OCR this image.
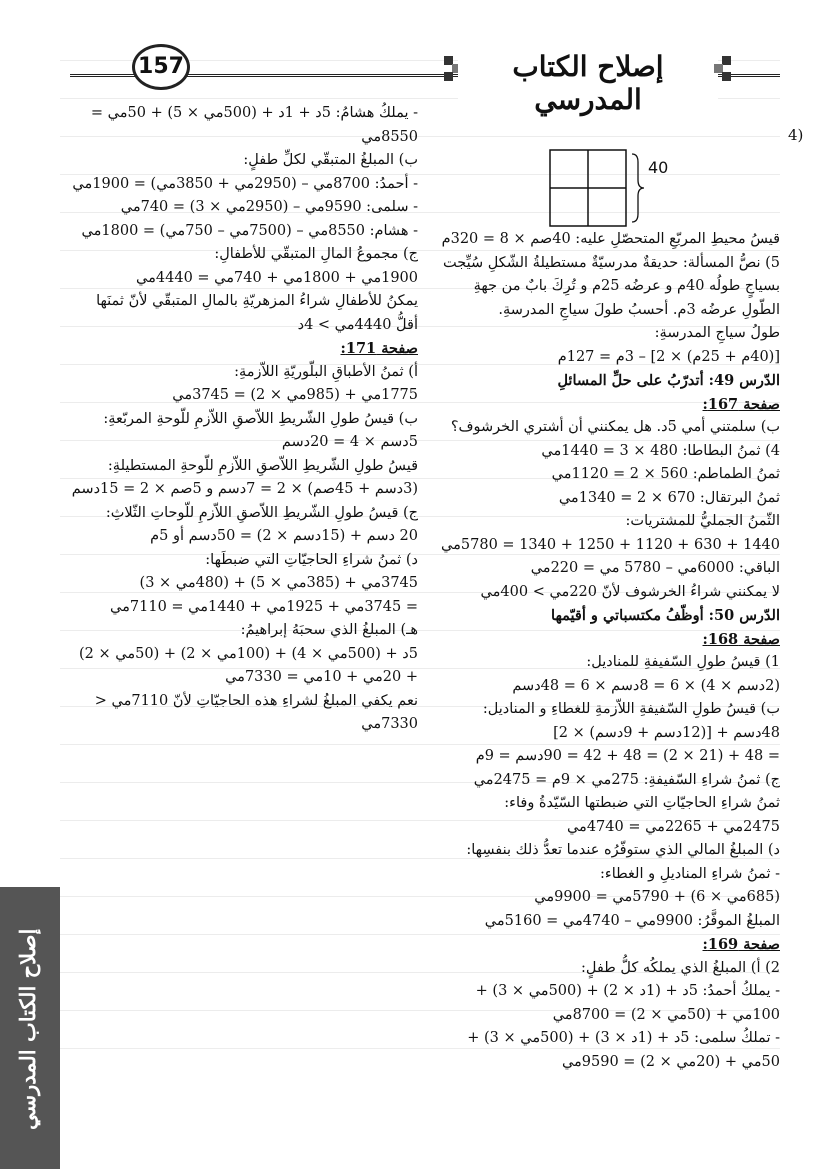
157	إصلاح الكتاب المدرسي
(4
40

قيسُ محيطِ المربّعِ المتحصّلِ عليه: 40صم × 8 = 320م

5) نصُّ المسألة: حديقةٌ مدرسيّةٌ مستطيلةُ الشّكلِ سُيِّجت بسياجٍ طولُه 40م و عرضُه 25م و تُرِكَ بابٌ من جهةِ الطّولِ عرضُه 3م. أحسبُ طولَ سياجِ المدرسةِ.

طولُ سياجِ المدرسةِ:

[(40م + 25م) × 2] – 3م = 127م

الدّرس 49: أتدرّبُ على حلِّ المسائلِ

صفحة 167:

ب) سلمتني أمي 5د. هل يمكنني أن أشتري الخرشوف؟

4) ثمنُ البطاطا: 480 × 3 = 1440مي

ثمنُ الطماطم: 560 × 2 = 1120مي

ثمنُ البرتقال: 670 × 2 = 1340مي

الثّمنُ الجمليُّ للمشتريات:

1440 + 630 + 1120 + 1250 + 1340 = 5780مي

الباقي: 6000مي – 5780 مي = 220مي

لا يمكنني شراءُ الخرشوف لأنّ 220مي > 400مي

الدّرس 50: أوظّفُ مكتسباتي و أقيّمها

صفحة 168:

1) قيسُ طولِ السّفيفةِ للمناديل:

(2دسم × 4) × 6 = 8دسم × 6 = 48دسم

ب) قيسُ طولِ السّفيفةِ اللاّزمةِ للغطاءِ و المناديل:

48دسم + [(12دسم + 9دسم) × 2]

= 48 + (21 × 2) = 48 + 42 = 90دسم = 9م

ج) ثمنُ شراءِ السّفيفةِ: 275مي × 9م = 2475مي

ثمنُ شراءِ الحاجيّاتِ التي ضبطتها السّيّدةُ وفاء:

2475مي + 2265مي = 4740مي

د) المبلغُ المالي الذي ستوفّرُه عندما تعدُّ ذلك بنفسِها:

- ثمنُ شراءِ المناديلِ و الغطاء:

(685مي × 6) + 5790مي = 9900مي

المبلغُ الموفَّرُ: 9900مي – 4740مي = 5160مي

صفحة 169:

2) أ) المبلغُ الذي يملكُه كلُّ طفلٍ:

- يملكُ أحمدُ: 5د + (1د × 2) + (500مي × 3) + 100مي + (50مي × 2) = 8700مي

- تملكُ سلمى: 5د + (1د × 3) + (500مي × 3) + 50مي + (20مي × 2) = 9590مي

- يملكُ هشامُ: 5د + 1د + (500مي × 5) + 50مي = 8550مي

ب) المبلغُ المتبقّي لكلِّ طفلٍ:

- أحمدُ: 8700مي – (2950مي + 3850مي) = 1900مي

- سلمى: 9590مي – (2950مي × 3) = 740مي

- هشام: 8550مي – (7500مي – 750مي) = 1800مي

ج) مجموعُ المالِ المتبقّي للأطفالِ:

1900مي + 1800مي + 740مي = 4440مي

يمكنُ للأطفالِ شراءُ المزهريّةِ بالمالِ المتبقّي لأنّ ثمنَها أقلُّ 4440مي > 4د

صفحة 171:

أ) ثمنُ الأطباقِ البلّوريّةِ اللاّزمةِ:

1775مي + (985مي × 2) = 3745مي

ب) قيسُ طولِ الشّريطِ اللاّصقِ اللاّزمِ للّوحةِ المربّعةِ:

5دسم × 4 = 20دسم

قيسُ طولِ الشّريطِ اللاّصقِ اللاّزمِ للّوحةِ المستطيلةِ:

(3دسم + 45صم) × 2 = 7دسم و 5صم × 2 = 15دسم

ج) قيسُ طولِ الشّريطِ اللاّصقِ اللاّزمِ للّوحاتِ الثّلاثِ:

20 دسم + (15دسم × 2) = 50دسم أو 5م

د) ثمنُ شراءِ الحاجيّاتِ التي ضبطَها:

3745مي + (385مي × 5) + (480مي × 3)

= 3745مي + 1925مي + 1440مي = 7110مي

هـ) المبلغُ الذي سحبَهُ إبراهيمُ:

5د + (500مي × 4) + (100مي × 2) + (50مي × 2) + 20مي + 10مي = 7330مي

نعم يكفي المبلغُ لشراءِ هذه الحاجيّاتِ لأنّ 7110مي < 7330مي

إصلاح الكتاب المدرسي
